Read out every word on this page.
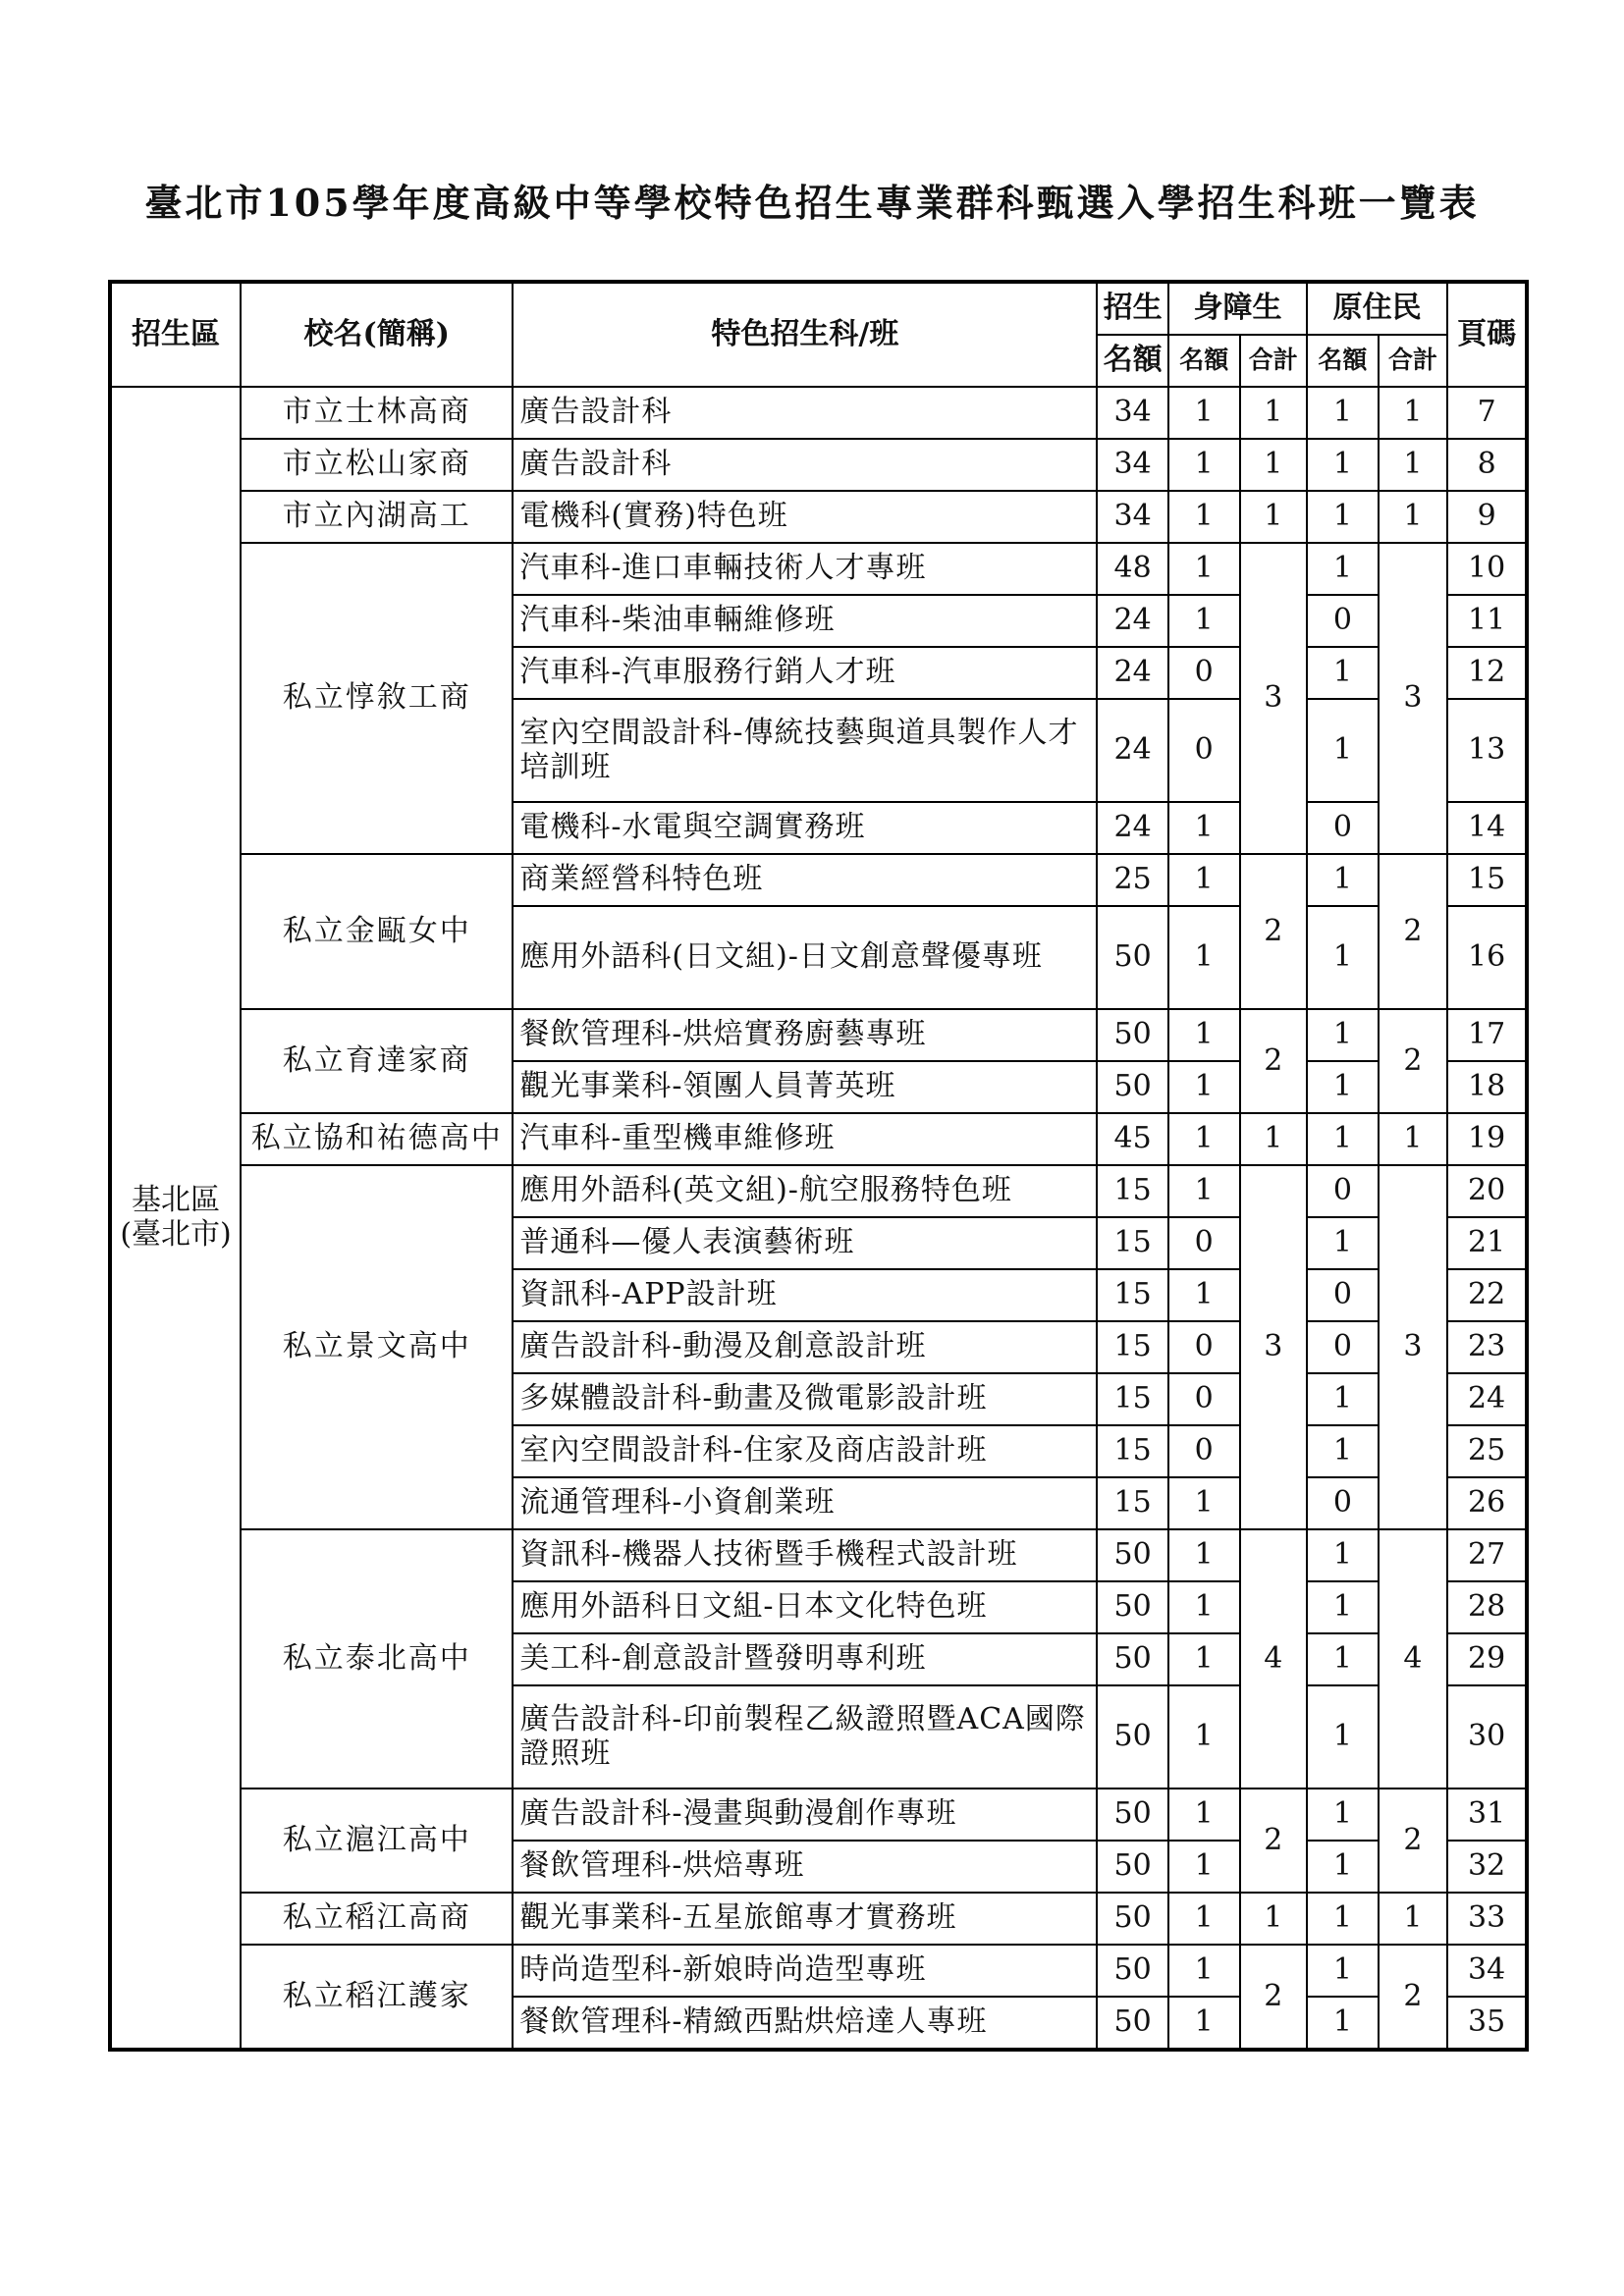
臺北市105學年度高級中等學校特色招生專業群科甄選入學招生科班一覽表
招生區	校名(簡稱)	特色招生科/班	招生	身障生		原住民		頁碼
			名額	名額	合計	名額	合計	

基北區
(臺北市)	市立士林高商	廣告設計科	34	1	1	1	1	7
	市立松山家商	廣告設計科	34	1	1	1	1	8
	市立內湖高工	電機科(實務)特色班	34	1	1	1	1	9
	私立惇敘工商	汽車科-進口車輛技術人才專班	48	1	3	1	3	10
		汽車科-柴油車輛維修班	24	1		0		11
		汽車科-汽車服務行銷人才班	24	0		1		12
		室內空間設計科-傳統技藝與道具製作人才培訓班	24	0		1		13
		電機科-水電與空調實務班	24	1		0		14
	私立金甌女中	商業經營科特色班	25	1	2	1	2	15
		應用外語科(日文組)-日文創意聲優專班	50	1		1		16
	私立育達家商	餐飲管理科-烘焙實務廚藝專班	50	1	2	1	2	17
		觀光事業科-領團人員菁英班	50	1		1		18
	私立協和祐德高中	汽車科-重型機車維修班	45	1	1	1	1	19
	私立景文高中	應用外語科(英文組)-航空服務特色班	15	1	3	0	3	20
		普通科—優人表演藝術班	15	0		1		21
		資訊科-APP設計班	15	1		0		22
		廣告設計科-動漫及創意設計班	15	0		0		23
		多媒體設計科-動畫及微電影設計班	15	0		1		24
		室內空間設計科-住家及商店設計班	15	0		1		25
		流通管理科-小資創業班	15	1		0		26
	私立泰北高中	資訊科-機器人技術暨手機程式設計班	50	1	4	1	4	27
		應用外語科日文組-日本文化特色班	50	1		1		28
		美工科-創意設計暨發明專利班	50	1		1		29
		廣告設計科-印前製程乙級證照暨ACA國際證照班	50	1		1		30
	私立滬江高中	廣告設計科-漫畫與動漫創作專班	50	1	2	1	2	31
		餐飲管理科-烘焙專班	50	1		1		32
	私立稻江高商	觀光事業科-五星旅館專才實務班	50	1	1	1	1	33
	私立稻江護家	時尚造型科-新娘時尚造型專班	50	1	2	1	2	34
		餐飲管理科-精緻西點烘焙達人專班	50	1		1		35
